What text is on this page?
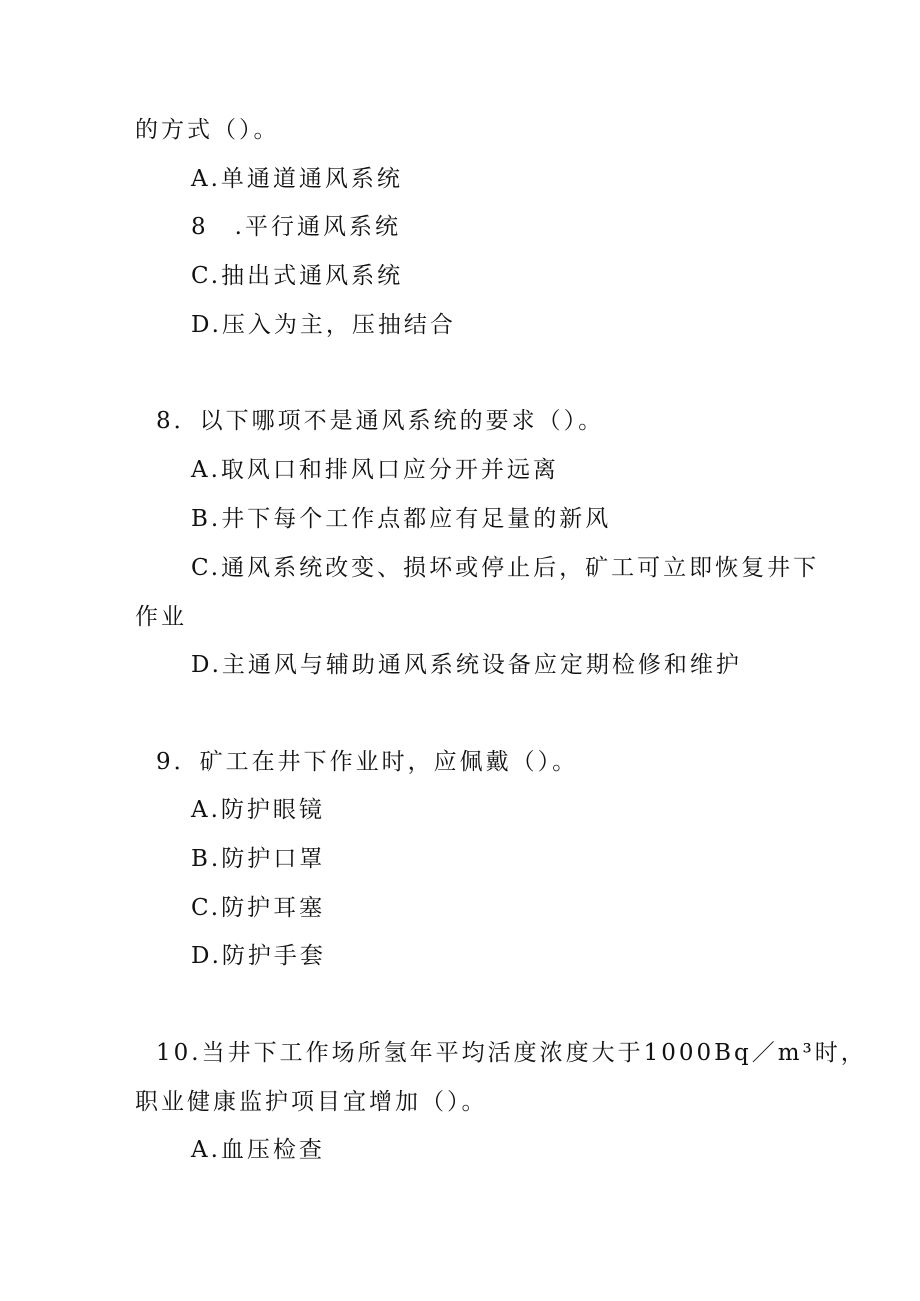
的方式（）。
A.单通道通风系统
8　.平行通风系统
C.抽出式通风系统
D.压入为主，压抽结合
8．以下哪项不是通风系统的要求（）。
A.取风口和排风口应分开并远离
B.井下每个工作点都应有足量的新风
C.通风系统改变、损坏或停止后，矿工可立即恢复井下
作业
D.主通风与辅助通风系统设备应定期检修和维护
9．矿工在井下作业时，应佩戴（）。
A.防护眼镜
B.防护口罩
C.防护耳塞
D.防护手套
10.当井下工作场所氢年平均活度浓度大于1000Bq／m³时，
职业健康监护项目宜增加（）。
A.血压检查
